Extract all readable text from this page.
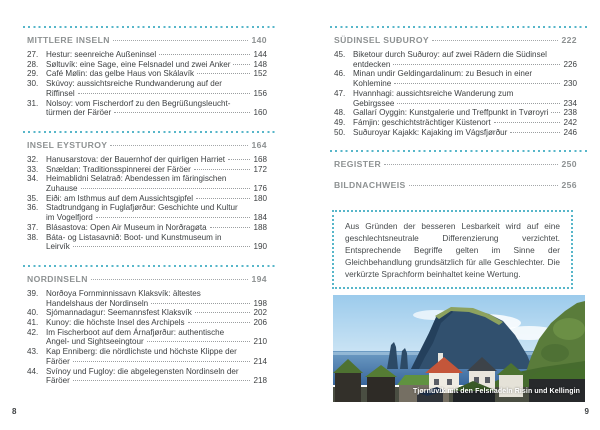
MITTLERE INSELN	140
27. Hestur: seenreiche Außeninsel	144
28. Søltuvík: eine Sage, eine Felsnadel und zwei Anker	148
29. Café Mølin: das gelbe Haus von Skálavík	152
30. Skúvoy: aussichtsreiche Rundwanderung auf der
Riffinsel	156
31. Nolsoy: vom Fischerdorf zu den Begrüßungsleucht-
türmen der Färöer	160
INSEL EYSTUROY	164
32. Hanusarstova: der Bauernhof der quirligen Harriet	168
33. Snældan: Traditionsspinnerei der Färöer	172
34. Heimablidni Selatrað: Abendessen im färingischen
Zuhause	176
35. Eiði: am Isthmus auf dem Aussichtsgipfel	180
36. Stadtrundgang in Fuglafjørður: Geschichte und Kultur
im Vogelfjord	184
37. Blásastova: Open Air Museum in Norðragøta	188
38. Báta- og Listasavnið: Boot- und Kunstmuseum in
Leirvík	190
NORDINSELN	194
39. Norðoya Fornminnissavn Klaksvík: ältestes
Handelshaus der Nordinseln	198
40. Sjómannadagur: Seemannsfest Klaksvík	202
41. Kunoy: die höchste Insel des Archipels	206
42. Im Fischerboot auf dem Árnafjørður: authentische
Angel- und Sightseeingtour	210
43. Kap Enniberg: die nördlichste und höchste Klippe der
Färöer	214
44. Svínoy und Fugloy: die abgelegensten Nordinseln der
Färöer	218
SÜDINSEL SUÐUROY	222
45. Biketour durch Suðuroy: auf zwei Rädern die Südinsel
entdecken	226
46. Minan undir Geldingardalinum: zu Besuch in einer
Kohlemine	230
47. Hvannhagi: aussichtsreiche Wanderung zum
Gebirgssee	234
48. Gallarí Oyggin: Kunstgalerie und Treffpunkt in Tvøroyri 238
49. Fámjin: geschichtsträchtiger Küstenort	242
50. Suðuroyar Kajakk: Kajaking im Vágsfjørður	246
REGISTER	250
BILDNACHWEIS	256

Aus Gründen der besseren Lesbarkeit wird auf eine geschlechtsneutrale Differenzierung verzichtet. Entsprechende Begriffe gelten im Sinne der Gleichbehandlung grundsätzlich für alle Geschlechter. Die verkürzte Sprachform beinhaltet keine Wertung.

Tjørnuvík mit den Felsnadeln Risin und Kellingin
8	9
